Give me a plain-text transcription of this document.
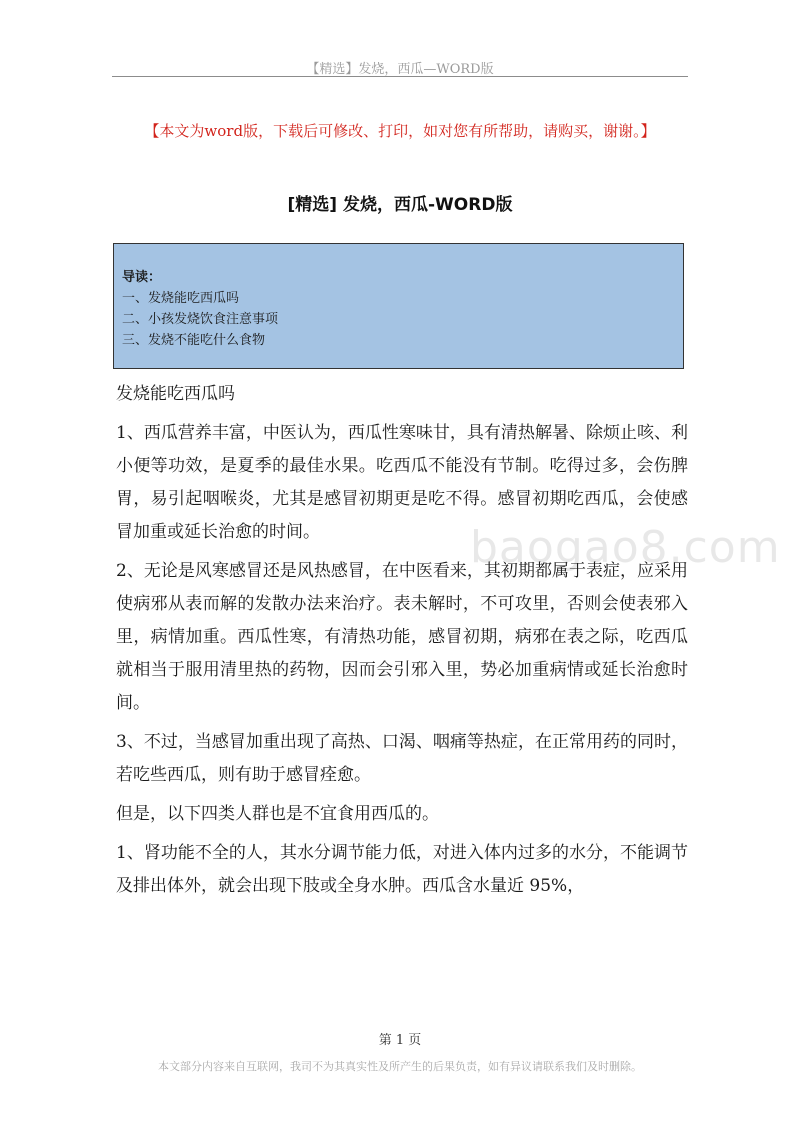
【精选】发烧，西瓜—WORD版
【本文为word版，下载后可修改、打印，如对您有所帮助，请购买，谢谢。】
[精选] 发烧，西瓜-WORD版

导读：

一、发烧能吃西瓜吗

二、小孩发烧饮食注意事项

三、发烧不能吃什么食物

baogao8.com

发烧能吃西瓜吗

1、西瓜营养丰富，中医认为，西瓜性寒味甘，具有清热解暑、除烦止咳、利小便等功效，是夏季的最佳水果。吃西瓜不能没有节制。吃得过多，会伤脾胃，易引起咽喉炎，尤其是感冒初期更是吃不得。感冒初期吃西瓜，会使感冒加重或延长治愈的时间。

2、无论是风寒感冒还是风热感冒，在中医看来，其初期都属于表症，应采用使病邪从表而解的发散办法来治疗。表未解时，不可攻里，否则会使表邪入里，病情加重。西瓜性寒，有清热功能，感冒初期，病邪在表之际，吃西瓜就相当于服用清里热的药物，因而会引邪入里，势必加重病情或延长治愈时间。

3、不过，当感冒加重出现了高热、口渴、咽痛等热症，在正常用药的同时，若吃些西瓜，则有助于感冒痊愈。

但是，以下四类人群也是不宜食用西瓜的。

1、肾功能不全的人，其水分调节能力低，对进入体内过多的水分，不能调节及排出体外，就会出现下肢或全身水肿。西瓜含水量近 95%，

第 1 页
本文部分内容来自互联网，我司不为其真实性及所产生的后果负责，如有异议请联系我们及时删除。
